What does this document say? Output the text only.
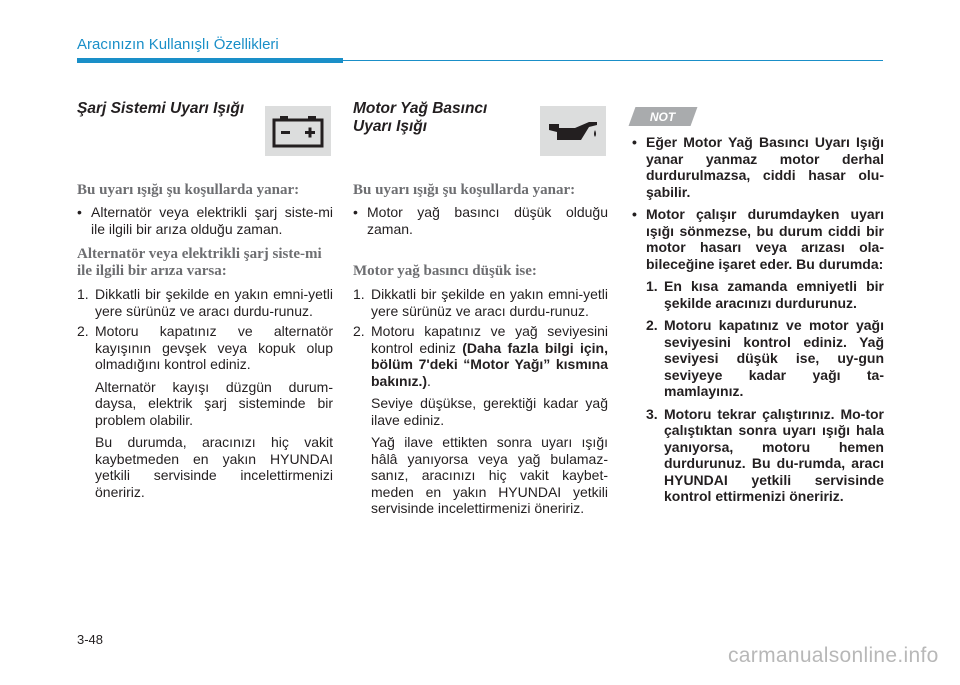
Aracınızın Kullanışlı Özellikleri

Şarj Sistemi Uyarı Işığı

Bu uyarı ışığı şu koşullarda yanar:

• Alternatör veya elektrikli şarj siste-mi ile ilgili bir arıza olduğu zaman.

Alternatör veya elektrikli şarj siste-mi ile ilgili bir arıza varsa:

1. Dikkatli bir şekilde en yakın emni-yetli yere sürünüz ve aracı durdu-runuz.

2. Motoru kapatınız ve alternatör kayışının gevşek veya kopuk olup olmadığını kontrol ediniz.

Alternatör kayışı düzgün durum-daysa, elektrik şarj sisteminde bir problem olabilir.

Bu durumda, aracınızı hiç vakit kaybetmeden en yakın HYUNDAI yetkili servisinde incelettirmenizi öneririz.

Motor Yağ Basıncı

Uyarı Işığı

Bu uyarı ışığı şu koşullarda yanar:

• Motor yağ basıncı düşük olduğu zaman.

Motor yağ basıncı düşük ise:

1. Dikkatli bir şekilde en yakın emni-yetli yere sürünüz ve aracı durdu-runuz.

2. Motoru kapatınız ve yağ seviyesini kontrol ediniz (Daha fazla bilgi için, bölüm 7'deki “Motor Yağı” kısmına bakınız.).

Seviye düşükse, gerektiği kadar yağ ilave ediniz.

Yağ ilave ettikten sonra uyarı ışığı hâlâ yanıyorsa veya yağ bulamaz-sanız, aracınızı hiç vakit kaybet-meden en yakın HYUNDAI yetkili servisinde incelettirmenizi öneririz.

NOT

• Eğer Motor Yağ Basıncı Uyarı Işığı yanar yanmaz motor derhal durdurulmazsa, ciddi hasar olu-şabilir.

• Motor çalışır durumdayken uyarı ışığı sönmezse, bu durum ciddi bir motor hasarı veya arızası ola-bileceğine işaret eder. Bu durumda:

1. En kısa zamanda emniyetli bir şekilde aracınızı durdurunuz.

2. Motoru kapatınız ve motor yağı seviyesini kontrol ediniz. Yağ seviyesi düşük ise, uy-gun seviyeye kadar yağı ta-mamlayınız.

3. Motoru tekrar çalıştırınız. Mo-tor çalıştıktan sonra uyarı ışığı hala yanıyorsa, motoru hemen durdurunuz. Bu du-rumda, aracı HYUNDAI yetkili servisinde kontrol ettirmenizi öneririz.

3-48
carmanualsonline.info
